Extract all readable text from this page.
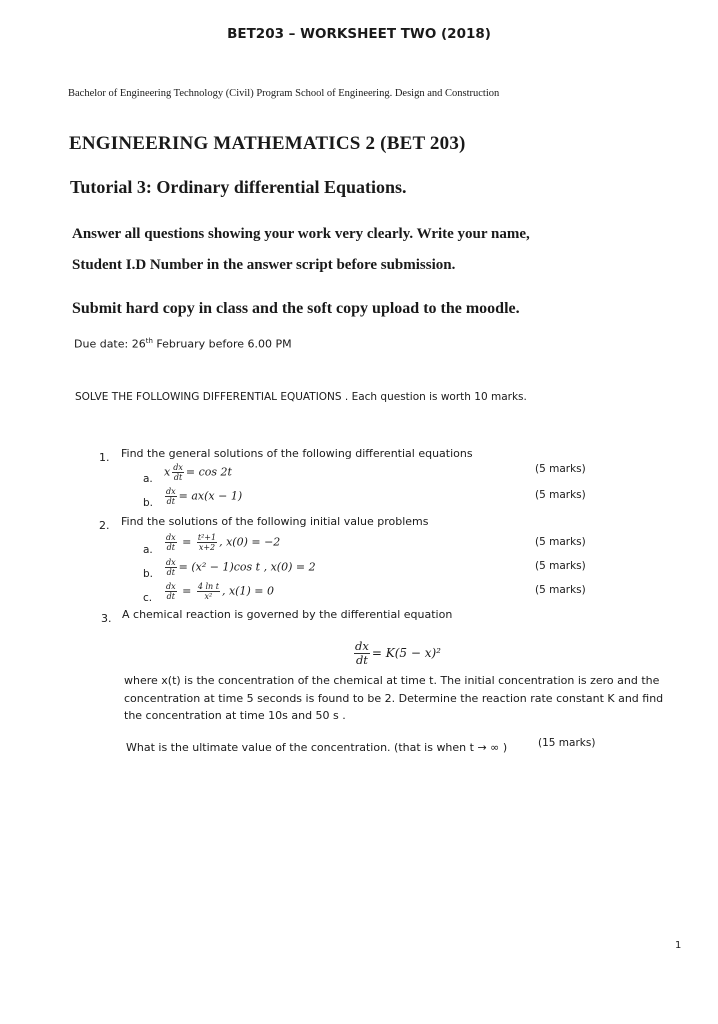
BET203 – WORKSHEET TWO (2018)
Bachelor of Engineering Technology (Civil) Program School of Engineering. Design and Construction
ENGINEERING MATHEMATICS 2 (BET 203)
Tutorial 3: Ordinary differential Equations.
Answer all questions showing your work very clearly. Write your name,
Student I.D Number in the answer script before submission.
Submit hard copy in class and the soft copy upload to the moodle.
Due date: 26th February before 6.00 PM
SOLVE THE FOLLOWING DIFFERENTIAL EQUATIONS . Each question is worth 10 marks.
1. Find the general solutions of the following differential equations
a.
x $\frac{dx}{dt} = \cos 2t$	(5 marks)
b. $\frac{dx}{dt} = ax(x - 1)$	(5 marks)
2. Find the solutions of the following initial value problems
a. $\frac{dx}{dt} = \frac{\text{t²+1}}{x+2}$ , x(0) = −2	(5 marks)
b. $\frac{dx}{dt} = (x^2 - 1)\cos$ t , x(0) = 2	(5 marks)
c. $\frac{dx}{dt} = \frac{\text{4 ln t}}{\text{x²}}$ , x(1) = 0	(5 marks)
3. A chemical reaction is governed by the differential equation
$\frac{dx}{dt} = K(5 - x)^2$
where x(t) is the concentration of the chemical at time t. The initial concentration is zero and the concentration at time 5 seconds is found to be 2. Determine the reaction rate constant K and find the concentration at time 10s and 50 s .
What is the ultimate value of the concentration. (that is when t → ∞ )	(15 marks)
1
